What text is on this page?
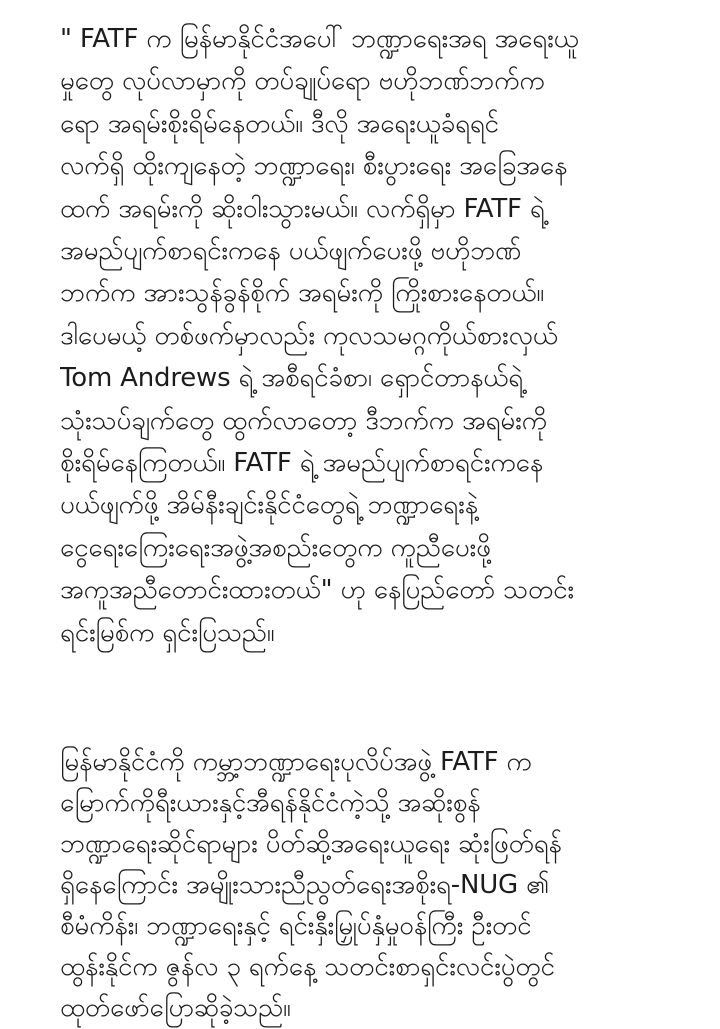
" FATF က မြန်မာနိုင်ငံအပေါ် ဘဏ္ဍာရေးအရ အရေးယူ
မှုတွေ လုပ်လာမှာကို တပ်ချုပ်ရော ဗဟိုဘဏ်ဘက်က
ရော အရမ်းစိုးရိမ်နေတယ်။ ဒီလို အရေးယူခံရရင်
လက်ရှိ ထိုးကျနေတဲ့ ဘဏ္ဍာရေး၊ စီးပွားရေး အခြေအနေ
ထက် အရမ်းကို ဆိုးဝါးသွားမယ်။ လက်ရှိမှာ FATF ရဲ့
အမည်ပျက်စာရင်းကနေ ပယ်ဖျက်ပေးဖို့ ဗဟိုဘဏ်
ဘက်က အားသွန်ခွန်စိုက် အရမ်းကို ကြိုးစားနေတယ်။
ဒါပေမယ့် တစ်ဖက်မှာလည်း ကုလသမဂ္ဂကိုယ်စားလှယ်
Tom Andrews ရဲ့ အစီရင်ခံစာ၊ ရှောင်တာနယ်ရဲ့
သုံးသပ်ချက်တွေ ထွက်လာတော့ ဒီဘက်က အရမ်းကို
စိုးရိမ်နေကြတယ်။ FATF ရဲ့ အမည်ပျက်စာရင်းကနေ
ပယ်ဖျက်ဖို့ အိမ်နီးချင်းနိုင်ငံတွေရဲ့ ဘဏ္ဍာရေးနဲ့
ငွေရေးကြေးရေးအဖွဲ့အစည်းတွေက ကူညီပေးဖို့
အကူအညီတောင်းထားတယ်" ဟု နေပြည်တော် သတင်း
ရင်းမြစ်က ရှင်းပြသည်။

မြန်မာနိုင်ငံကို ကမ္ဘာ့ဘဏ္ဍာရေးပုလိပ်အဖွဲ့ FATF က
မြောက်ကိုရီးယားနှင့်အီရန်နိုင်ငံကဲ့သို့ အဆိုးစွန်
ဘဏ္ဍာရေးဆိုင်ရာများ ပိတ်ဆို့အရေးယူရေး ဆုံးဖြတ်ရန်
ရှိနေကြောင်း အမျိုးသားညီညွတ်ရေးအစိုးရ-NUG ၏
စီမံကိန်း၊ ဘဏ္ဍာရေးနှင့် ရင်းနှီးမြှုပ်နှံမှုဝန်ကြီး ဦးတင်
ထွန်းနိုင်က ဇွန်လ ၃ ရက်နေ့ သတင်းစာရှင်းလင်းပွဲတွင်
ထုတ်ဖော်ပြောဆိုခဲ့သည်။
